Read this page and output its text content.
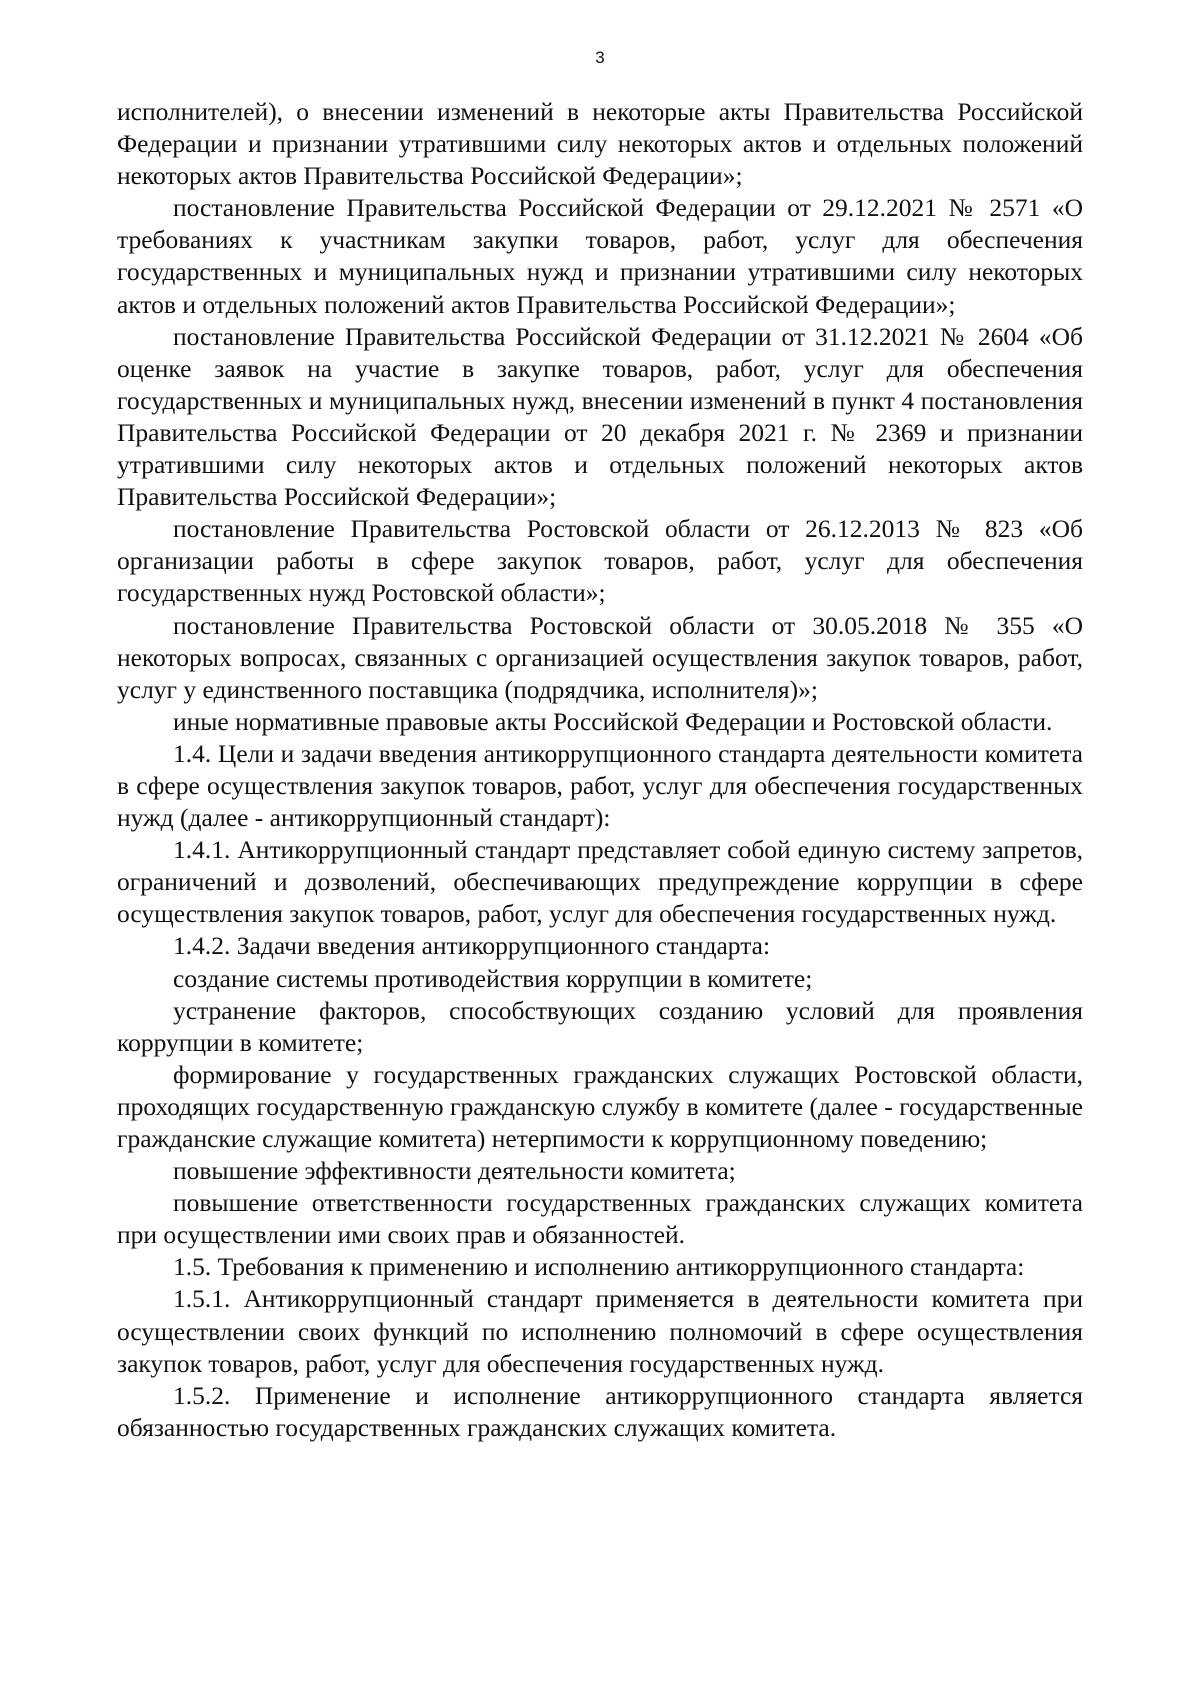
3

исполнителей), о внесении изменений в некоторые акты Правительства Российской Федерации и признании утратившими силу некоторых актов и отдельных положений некоторых актов Правительства Российской Федерации»;

постановление Правительства Российской Федерации от 29.12.2021 № 2571 «О требованиях к участникам закупки товаров, работ, услуг для обеспечения государственных и муниципальных нужд и признании утратившими силу некоторых актов и отдельных положений актов Правительства Российской Федерации»;

постановление Правительства Российской Федерации от 31.12.2021 № 2604 «Об оценке заявок на участие в закупке товаров, работ, услуг для обеспечения государственных и муниципальных нужд, внесении изменений в пункт 4 постановления Правительства Российской Федерации от 20 декабря 2021 г. № 2369 и признании утратившими силу некоторых актов и отдельных положений некоторых актов Правительства Российской Федерации»;

постановление Правительства Ростовской области от 26.12.2013 № 823 «Об организации работы в сфере закупок товаров, работ, услуг для обеспечения государственных нужд Ростовской области»;

постановление Правительства Ростовской области от 30.05.2018 № 355 «О некоторых вопросах, связанных с организацией осуществления закупок товаров, работ, услуг у единственного поставщика (подрядчика, исполнителя)»;

иные нормативные правовые акты Российской Федерации и Ростовской области.

1.4. Цели и задачи введения антикоррупционного стандарта деятельности комитета в сфере осуществления закупок товаров, работ, услуг для обеспечения государственных нужд (далее - антикоррупционный стандарт):

1.4.1. Антикоррупционный стандарт представляет собой единую систему запретов, ограничений и дозволений, обеспечивающих предупреждение коррупции в сфере осуществления закупок товаров, работ, услуг для обеспечения государственных нужд.

1.4.2. Задачи введения антикоррупционного стандарта:

создание системы противодействия коррупции в комитете;

устранение факторов, способствующих созданию условий для проявления коррупции в комитете;

формирование у государственных гражданских служащих Ростовской области, проходящих государственную гражданскую службу в комитете (далее - государственные гражданские служащие комитета) нетерпимости к коррупционному поведению;

повышение эффективности деятельности комитета;

повышение ответственности государственных гражданских служащих комитета при осуществлении ими своих прав и обязанностей.

1.5. Требования к применению и исполнению антикоррупционного стандарта:

1.5.1. Антикоррупционный стандарт применяется в деятельности комитета при осуществлении своих функций по исполнению полномочий в сфере осуществления закупок товаров, работ, услуг для обеспечения государственных нужд.

1.5.2. Применение и исполнение антикоррупционного стандарта является обязанностью государственных гражданских служащих комитета.
